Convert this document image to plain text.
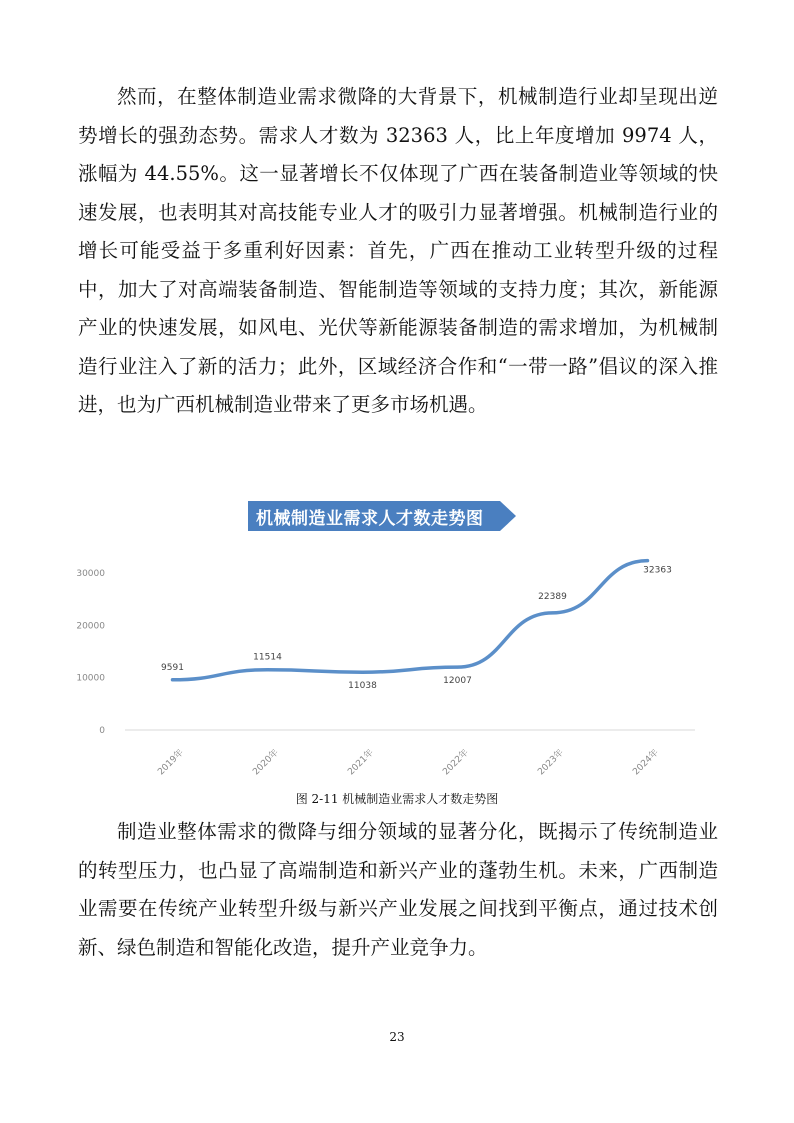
然而，在整体制造业需求微降的大背景下，机械制造行业却呈现出逆势增长的强劲态势。需求人才数为 32363 人，比上年度增加 9974 人，涨幅为 44.55%。这一显著增长不仅体现了广西在装备制造业等领域的快速发展，也表明其对高技能专业人才的吸引力显著增强。机械制造行业的增长可能受益于多重利好因素：首先，广西在推动工业转型升级的过程中，加大了对高端装备制造、智能制造等领域的支持力度；其次，新能源产业的快速发展，如风电、光伏等新能源装备制造的需求增加，为机械制造行业注入了新的活力；此外，区域经济合作和“一带一路”倡议的深入推进，也为广西机械制造业带来了更多市场机遇。

机械制造业需求人才数走势图
0
10000
20000
30000
2019年	2020年	2021年	2022年	2023年	2024年
9591
11514
11038
12007
22389
32363
图 2-11 机械制造业需求人才数走势图

制造业整体需求的微降与细分领域的显著分化，既揭示了传统制造业的转型压力，也凸显了高端制造和新兴产业的蓬勃生机。未来，广西制造业需要在传统产业转型升级与新兴产业发展之间找到平衡点，通过技术创新、绿色制造和智能化改造，提升产业竞争力。

23
